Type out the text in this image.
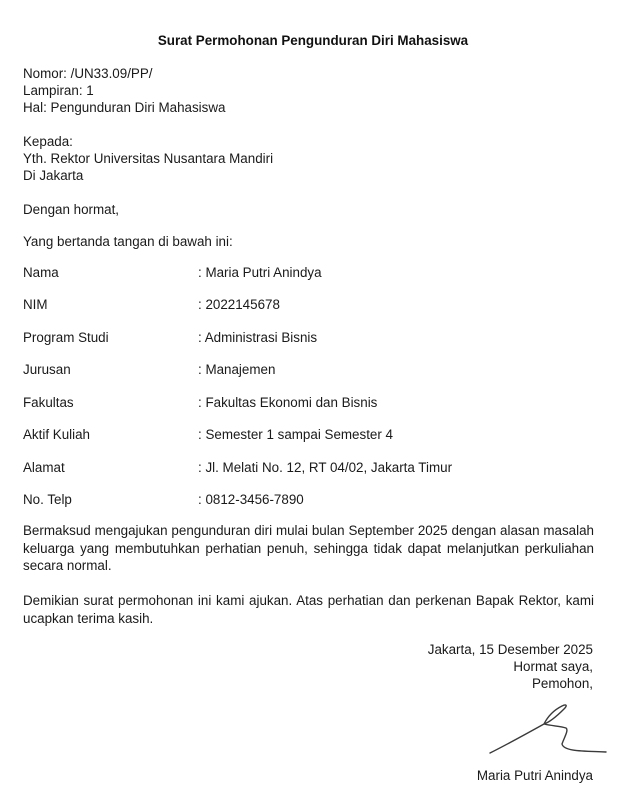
Surat Permohonan Pengunduran Diri Mahasiswa
Nomor: /UN33.09/PP/
Lampiran: 1
Hal: Pengunduran Diri Mahasiswa
Kepada:
Yth. Rektor Universitas Nusantara Mandiri
Di Jakarta
Dengan hormat,
Yang bertanda tangan di bawah ini:
Nama	: Maria Putri Anindya
NIM	: 2022145678
Program Studi	: Administrasi Bisnis
Jurusan	: Manajemen
Fakultas	: Fakultas Ekonomi dan Bisnis
Aktif Kuliah	: Semester 1 sampai Semester 4
Alamat	: Jl. Melati No. 12, RT 04/02, Jakarta Timur
No. Telp	: 0812-3456-7890
Bermaksud mengajukan pengunduran diri mulai bulan September 2025 dengan alasan masalah keluarga yang membutuhkan perhatian penuh, sehingga tidak dapat melanjutkan perkuliahan secara normal.
Demikian surat permohonan ini kami ajukan. Atas perhatian dan perkenan Bapak Rektor, kami ucapkan terima kasih.
Jakarta, 15 Desember 2025
Hormat saya,
Pemohon,
Maria Putri Anindya
